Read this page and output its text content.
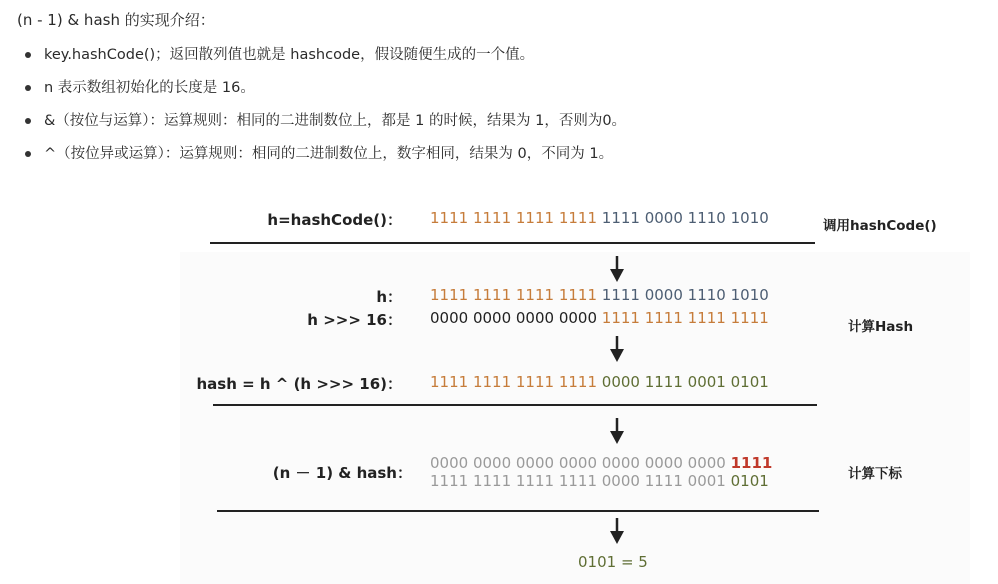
(n - 1) & hash 的实现介绍：
key.hashCode()；返回散列值也就是 hashcode，假设随便生成的一个值。
n 表示数组初始化的长度是 16。
&（按位与运算）：运算规则：相同的二进制数位上，都是 1 的时候，结果为 1，否则为0。
^（按位异或运算）：运算规则：相同的二进制数位上，数字相同，结果为 0，不同为 1。
h=hashCode()： 1111 1111 1111 1111 1111 0000 1110 1010	调用hashCode()
h： 1111 1111 1111 1111 1111 0000 1110 1010
h >>> 16： 0000 0000 0000 0000 1111 1111 1111 1111	计算Hash
hash = h ^ (h >>> 16)： 1111 1111 1111 1111 0000 1111 0001 0101
(n － 1) & hash：
0000 0000 0000 0000 0000 0000 0000 1111
1111 1111 1111 1111 0000 1111 0001 0101	计算下标
0101 = 5
